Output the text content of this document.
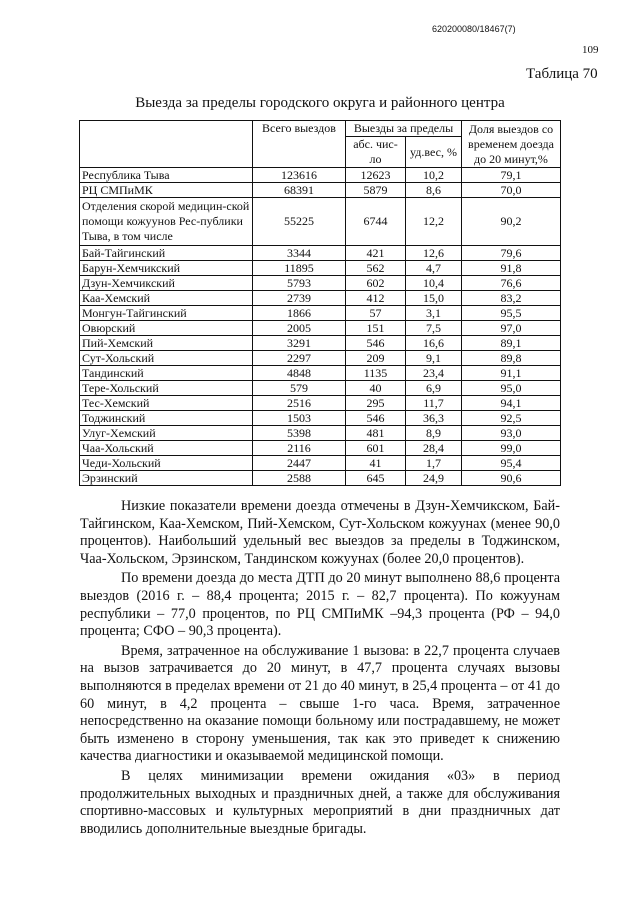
620200080/18467(7)
109
Таблица 70
Выезда за пределы городского округа и районного центра
	Всего выездов	Выезды за пределы		Доля выездов со временем доезда до 20 минут,%
		абс. чис-ло	уд.вес, %	
Республика Тыва	123616	12623	10,2	79,1
РЦ СМПиМК	68391	5879	8,6	70,0
Отделения скорой медицин-ской помощи кожуунов Рес-публики Тыва, в том числе	55225	6744	12,2	90,2
Бай-Тайгинский	3344	421	12,6	79,6
Барун-Хемчикский	11895	562	4,7	91,8
Дзун-Хемчикский	5793	602	10,4	76,6
Каа-Хемский	2739	412	15,0	83,2
Монгун-Тайгинский	1866	57	3,1	95,5
Овюрский	2005	151	7,5	97,0
Пий-Хемский	3291	546	16,6	89,1
Сут-Хольский	2297	209	9,1	89,8
Тандинский	4848	1135	23,4	91,1
Тере-Хольский	579	40	6,9	95,0
Тес-Хемский	2516	295	11,7	94,1
Тоджинский	1503	546	36,3	92,5
Улуг-Хемский	5398	481	8,9	93,0
Чаа-Хольский	2116	601	28,4	99,0
Чеди-Хольский	2447	41	1,7	95,4
Эрзинский	2588	645	24,9	90,6

Низкие показатели времени доезда отмечены в Дзун-Хемчикском, Бай-Тайгинском, Каа-Хемском, Пий-Хемском, Сут-Хольском кожуунах (менее 90,0 процентов). Наибольший удельный вес выездов за пределы в Тоджинском, Чаа-Хольском, Эрзинском, Тандинском кожуунах (более 20,0 процентов).

По времени доезда до места ДТП до 20 минут выполнено 88,6 процента выездов (2016 г. – 88,4 процента; 2015 г. – 82,7 процента). По кожуунам республики – 77,0 процентов, по РЦ СМПиМК –94,3 процента (РФ – 94,0 процента; СФО – 90,3 процента).

Время, затраченное на обслуживание 1 вызова: в 22,7 процента случаев на вызов затрачивается до 20 минут, в 47,7 процента случаях вызовы выполняются в пределах времени от 21 до 40 минут, в 25,4 процента – от 41 до 60 минут, в 4,2 процента – свыше 1-го часа. Время, затраченное непосредственно на оказание помощи больному или пострадавшему, не может быть изменено в сторону уменьшения, так как это приведет к снижению качества диагностики и оказываемой медицинской помощи.

В целях минимизации времени ожидания «03» в период продолжительных выходных и праздничных дней, а также для обслуживания спортивно-массовых и культурных мероприятий в дни праздничных дат вводились дополнительные выездные бригады.
